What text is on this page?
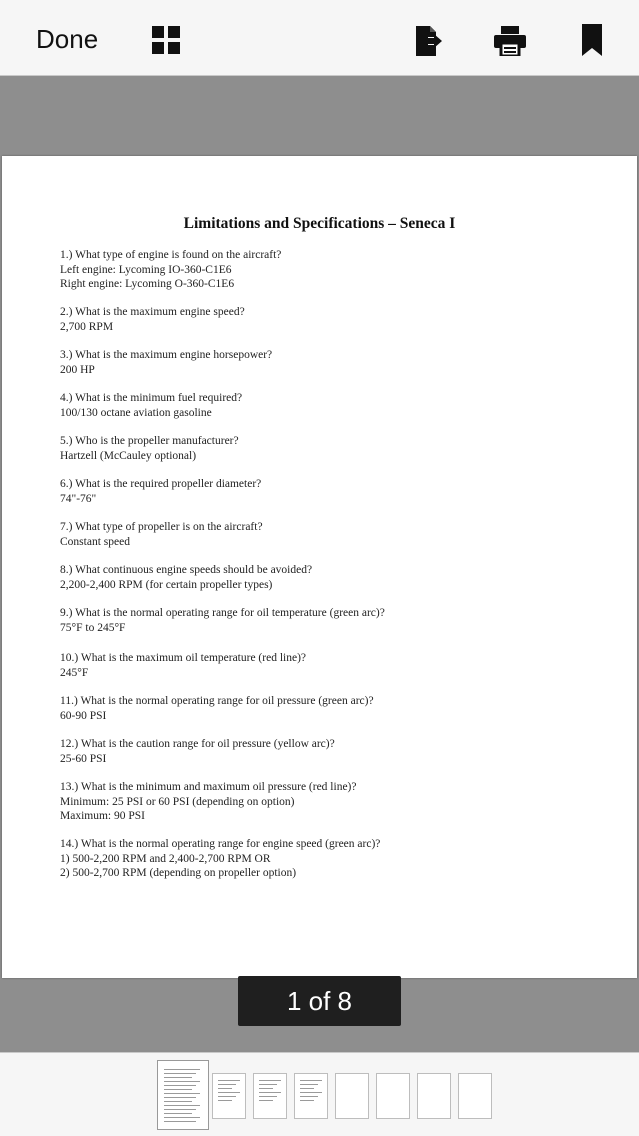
Done
Limitations and Specifications – Seneca I
1.) What type of engine is found on the aircraft?
Left engine: Lycoming IO-360-C1E6
Right engine: Lycoming O-360-C1E6
2.) What is the maximum engine speed?
2,700 RPM
3.) What is the maximum engine horsepower?
200 HP
4.) What is the minimum fuel required?
100/130 octane aviation gasoline
5.) Who is the propeller manufacturer?
Hartzell (McCauley optional)
6.) What is the required propeller diameter?
74"-76"
7.) What type of propeller is on the aircraft?
Constant speed
8.) What continuous engine speeds should be avoided?
2,200-2,400 RPM (for certain propeller types)
9.) What is the normal operating range for oil temperature (green arc)?
75°F to 245°F
10.) What is the maximum oil temperature (red line)?
245°F
11.) What is the normal operating range for oil pressure (green arc)?
60-90 PSI
12.) What is the caution range for oil pressure (yellow arc)?
25-60 PSI
13.) What is the minimum and maximum oil pressure (red line)?
Minimum: 25 PSI or 60 PSI (depending on option)
Maximum: 90 PSI
14.) What is the normal operating range for engine speed (green arc)?
1) 500-2,200 RPM and 2,400-2,700 RPM OR
2) 500-2,700 RPM (depending on propeller option)
1 of 8
